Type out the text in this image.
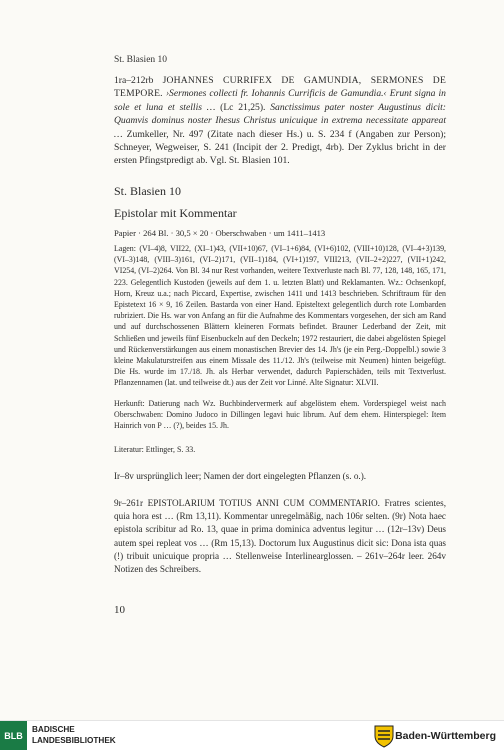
St. Blasien 10
1ra–212rb JOHANNES CURRIFEX DE GAMUNDIA, SERMONES DE TEMPORE. ›Sermones collecti fr. Iohannis Currificis de Gamundia.‹ Erunt signa in sole et luna et stellis … (Lc 21,25). Sanctissimus pater noster Augustinus dicit: Quamvis dominus noster Ihesus Christus unicuique in extrema necessitate appareat … Zumkeller, Nr. 497 (Zitate nach dieser Hs.) u. S. 234 f (Angaben zur Person); Schneyer, Wegweiser, S. 241 (Incipit der 2. Predigt, 4rb). Der Zyklus bricht in der ersten Pfingstpredigt ab. Vgl. St. Blasien 101.
St. Blasien 10
Epistolar mit Kommentar
Papier · 264 Bl. · 30,5 × 20 · Oberschwaben · um 1411–1413
Lagen: (VI–4)8, VII22, (XI–1)43, (VII+10)67, (VI–1+6)84, (VI+6)102, (VIII+10)128, (VI–4+3)139, (VI–3)148, (VIII–3)161, (VI–2)171, (VII–1)184, (VI+1)197, VIII213, (VII–2+2)227, (VII+1)242, VI254, (VI–2)264. Von Bl. 34 nur Rest vorhanden, weitere Textverluste nach Bl. 77, 128, 148, 165, 171, 223. Gelegentlich Kustoden (jeweils auf dem 1. u. letzten Blatt) und Reklamanten. Wz.: Ochsenkopf, Horn, Kreuz u.a.; nach Piccard, Expertise, zwischen 1411 und 1413 beschrieben. Schriftraum für den Epistetext 16 × 9, 16 Zeilen. Bastarda von einer Hand. Episteltext gelegentlich durch rote Lombarden rubriziert. Die Hs. war von Anfang an für die Aufnahme des Kommentars vorgesehen, der sich am Rand und auf durchschossenen Blättern kleineren Formats befindet. Brauner Lederband der Zeit, mit Schließen und jeweils fünf Eisenbuckeln auf den Deckeln; 1972 restauriert, die dabei abgelösten Spiegel und Rückenverstärkungen aus einem monastischen Brevier des 14. Jh's (je ein Perg.-Doppelbl.) sowie 3 kleine Makulaturstreifen aus einem Missale des 11./12. Jh's (teilweise mit Neumen) hinten beigefügt. Die Hs. wurde im 17./18. Jh. als Herbar verwendet, dadurch Papierschäden, teils mit Textverlust. Pflanzennamen (lat. und teilweise dt.) aus der Zeit vor Linné. Alte Signatur: XLVII.
Herkunft: Datierung nach Wz. Buchbindervermerk auf abgelöstem ehem. Vorderspiegel weist nach Oberschwaben: Domino Judoco in Dillingen legavi huic librum. Auf dem ehem. Hinterspiegel: Item Hainrich von P … (?), beides 15. Jh.
Literatur: Ettlinger, S. 33.
Ir–8v ursprünglich leer; Namen der dort eingelegten Pflanzen (s. o.).
9r–261r EPISTOLARIUM TOTIUS ANNI CUM COMMENTARIO. Fratres scientes, quia hora est … (Rm 13,11). Kommentar unregelmäßig, nach 106r selten. (9r) Nota haec epistola scribitur ad Ro. 13, quae in prima dominica adventus legitur … (12r–13v) Deus autem spei repleat vos … (Rm 15,13). Doctorum lux Augustinus dicit sic: Dona ista quas (!) tribuit unicuique propria … Stellenweise Interlinearglossen. – 261v–264r leer. 264v Notizen des Schreibers.
10
BLB
BADISCHE
LANDESBIBLIOTHEK	Baden-Württemberg
